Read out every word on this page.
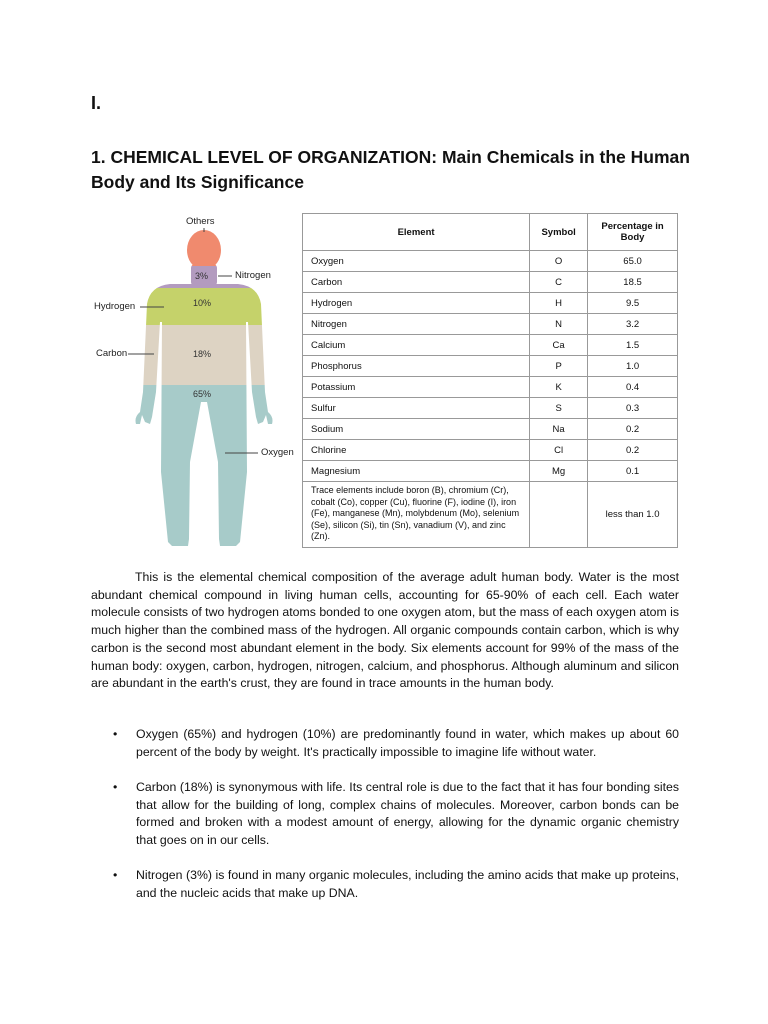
I.
1. CHEMICAL LEVEL OF ORGANIZATION: Main Chemicals in the Human Body and Its Significance
Others
Nitrogen
Hydrogen
Carbon
Oxygen
3%
10%
18%
65%
Element	Symbol	Percentage in Body
Oxygen	O	65.0
Carbon	C	18.5
Hydrogen	H	9.5
Nitrogen	N	3.2
Calcium	Ca	1.5
Phosphorus	P	1.0
Potassium	K	0.4
Sulfur	S	0.3
Sodium	Na	0.2
Chlorine	Cl	0.2
Magnesium	Mg	0.1
Trace elements include boron (B), chromium (Cr), cobalt (Co), copper (Cu), fluorine (F), iodine (I), iron (Fe), manganese (Mn), molybdenum (Mo), selenium (Se), silicon (Si), tin (Sn), vanadium (V), and zinc (Zn).		less than 1.0
This is the elemental chemical composition of the average adult human body. Water is the most abundant chemical compound in living human cells, accounting for 65-90% of each cell. Each water molecule consists of two hydrogen atoms bonded to one oxygen atom, but the mass of each oxygen atom is much higher than the combined mass of the hydrogen. All organic compounds contain carbon, which is why carbon is the second most abundant element in the body. Six elements account for 99% of the mass of the human body: oxygen, carbon, hydrogen, nitrogen, calcium, and phosphorus. Although aluminum and silicon are abundant in the earth's crust, they are found in trace amounts in the human body.
• Oxygen (65%) and hydrogen (10%) are predominantly found in water, which makes up about 60 percent of the body by weight. It's practically impossible to imagine life without water.
• Carbon (18%) is synonymous with life. Its central role is due to the fact that it has four bonding sites that allow for the building of long, complex chains of molecules. Moreover, carbon bonds can be formed and broken with a modest amount of energy, allowing for the dynamic organic chemistry that goes on in our cells.
• Nitrogen (3%) is found in many organic molecules, including the amino acids that make up proteins, and the nucleic acids that make up DNA.
